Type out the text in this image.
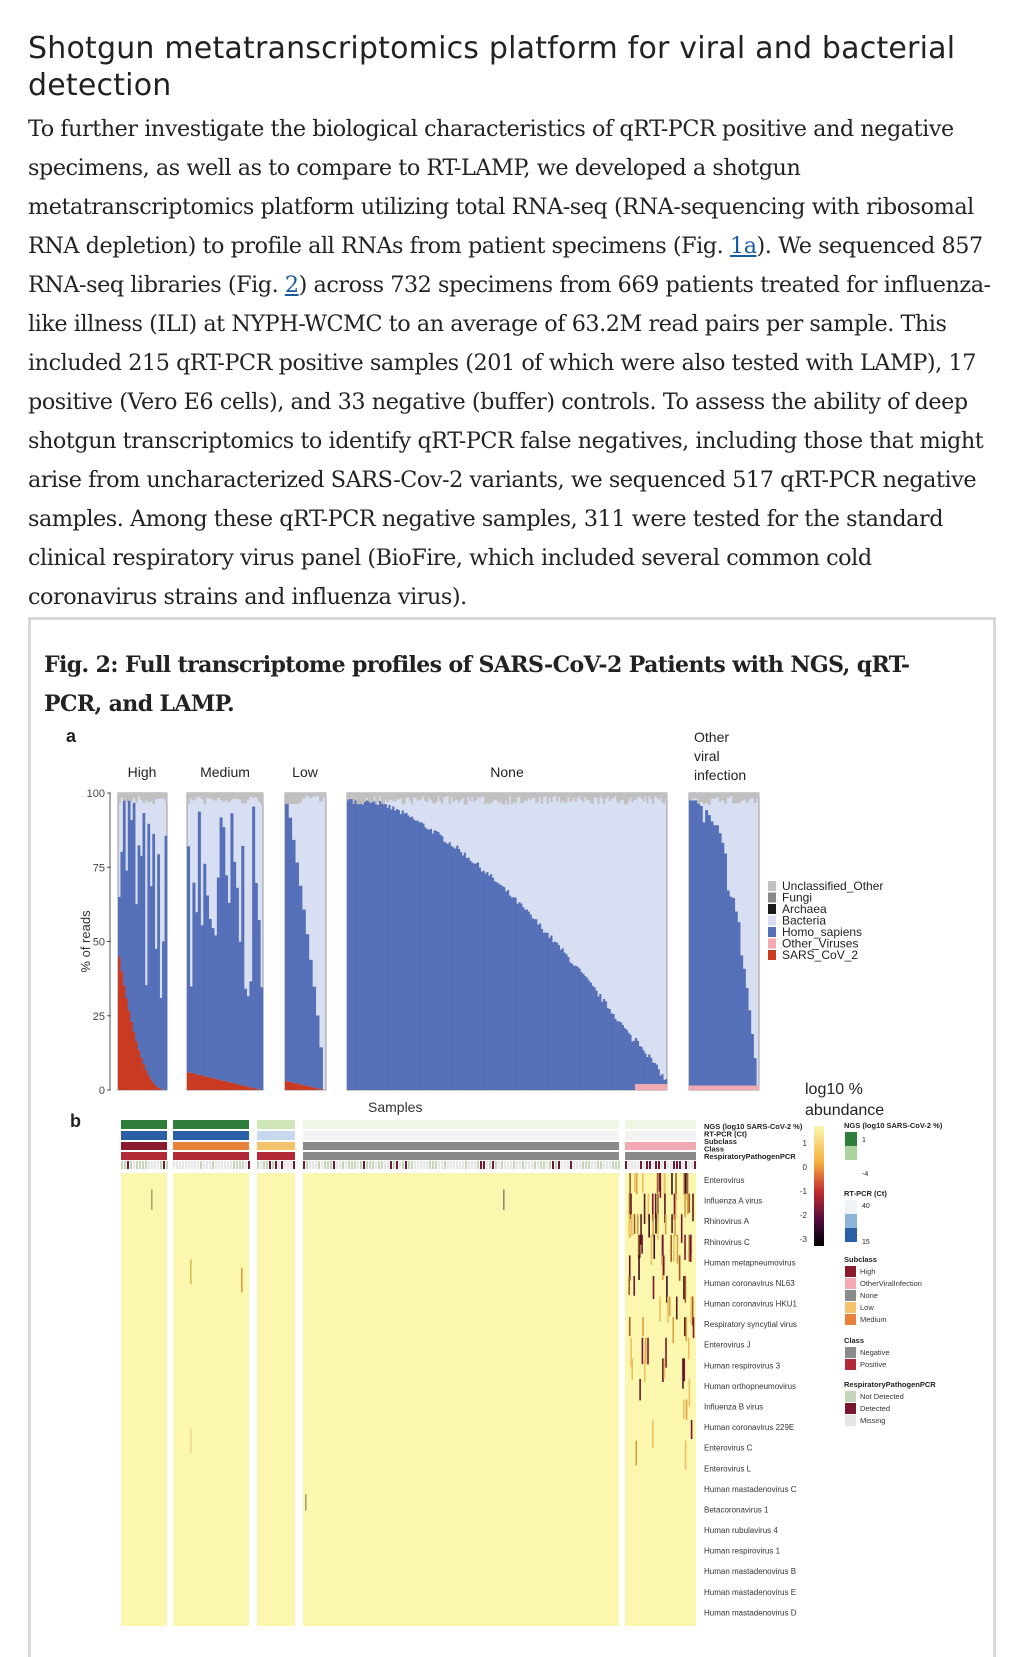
Shotgun metatranscriptomics platform for viral and bacterial detection

To further investigate the biological characteristics of qRT-PCR positive and negative specimens, as well as to compare to RT-LAMP, we developed a shotgun metatranscriptomics platform utilizing total RNA-seq (RNA-sequencing with ribosomal RNA depletion) to profile all RNAs from patient specimens (Fig. 1a). We sequenced 857 RNA-seq libraries (Fig. 2) across 732 specimens from 669 patients treated for influenza-like illness (ILI) at NYPH-WCMC to an average of 63.2M read pairs per sample. This included 215 qRT-PCR positive samples (201 of which were also tested with LAMP), 17 positive (Vero E6 cells), and 33 negative (buffer) controls. To assess the ability of deep shotgun transcriptomics to identify qRT-PCR false negatives, including those that might arise from uncharacterized SARS-Cov-2 variants, we sequenced 517 qRT-PCR negative samples. Among these qRT-PCR negative samples, 311 were tested for the standard clinical respiratory virus panel (BioFire, which included several common cold coronavirus strains and influenza virus).

Fig. 2: Full transcriptome profiles of SARS-CoV-2 Patients with NGS, qRT-PCR, and LAMP.

a
0
25
50
75
100
% of reads
High	Medium	Low	None
Other
viral
infection
Unclassified_Other
Fungi
Archaea
Bacteria
Homo_sapiens
Other_Viruses
SARS_CoV_2
Samples
log10 %
abundance
b	NGS (log10 SARS-CoV-2 %)
RT-PCR (Ct)
Subclass
Class
RespiratoryPathogenPCR
Enterovirus
Influenza A virus
Rhinovirus A
Rhinovirus C
Human metapneumovirus
Human coronavirus NL63
Human coronavirus HKU1
Respiratory syncytial virus
Enterovirus J
Human respirovirus 3
Human orthopneumovirus
Influenza B virus
Human coronavirus 229E
Enterovirus C
Enterovirus L
Human mastadenovirus C
Betacoronavirus 1
Human rubulavirus 4
Human respirovirus 1
Human mastadenovirus B
Human mastadenovirus E
Human mastadenovirus D
1
0
-1
-2
-3
NGS (log10 SARS-CoV-2 %)
1
-4
RT-PCR (Ct)
40
15
Subclass
High
OtherViralInfection
None
Low
Medium
Class
Negative
Positive
RespiratoryPathogenPCR
Not Detected
Detected
Missing
